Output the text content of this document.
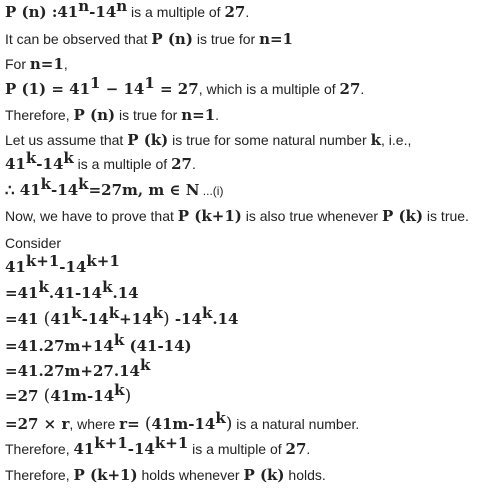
P (n) :41$^n$-14$^n$ is a multiple of 27.
It can be observed that P (n) is true for n=1
For n=1,
P $(1) = 41^1 - 14^1 = 27$, which is a multiple of 27.
Therefore, P (n) is true for n=1.
Let us assume that P (k) is true for some natural number k, i.e.,
41$^k$-14$^k$ is a multiple of 27.
∴ $41^k-14^k=27m$, m ∈ N ...(i)
Now, we have to prove that P (k+1) is also true whenever P (k) is true.
Consider
$41^{k+1}-14^{k+1}$
$=41^k.41-14^k.14$
=41 $(41^k-14^k+14^k)$ $-14^k.14$
$=41.27m+14^k$ (41-14)
$=41.27m+27.14^k$
=27 $(41m-14^k)$
=27 × r, where $r= (41m-14^k)$ is a natural number.
Therefore, $41^{k+1}-14^{k+1}$ is a multiple of 27.
Therefore, P (k+1) holds whenever P (k) holds.
